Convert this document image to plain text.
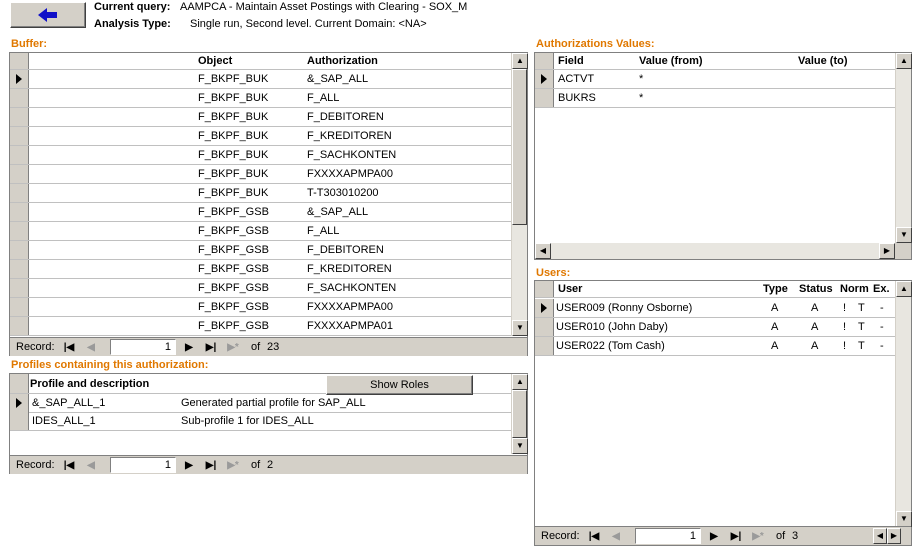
Current query: AAMPCA - Maintain Asset Postings with Clearing - SOX_M
Analysis Type: Single run, Second level. Current Domain: <NA>
Buffer:
Object	Authorization
F_BKPF_BUK	&_SAP_ALL
F_BKPF_BUK	F_ALL
F_BKPF_BUK	F_DEBITOREN
F_BKPF_BUK	F_KREDITOREN
F_BKPF_BUK	F_SACHKONTEN
F_BKPF_BUK	FXXXXAPMPA00
F_BKPF_BUK	T-T303010200
F_BKPF_GSB	&_SAP_ALL
F_BKPF_GSB	F_ALL
F_BKPF_GSB	F_DEBITOREN
F_BKPF_GSB	F_KREDITOREN
F_BKPF_GSB	F_SACHKONTEN
F_BKPF_GSB	FXXXXAPMPA00
F_BKPF_GSB	FXXXXAPMPA01
▲
▼
Record: |◀	◀	1	▶	▶|	▶*	of 23
Profiles containing this authorization:
Profile and description	Show Roles
&_SAP_ALL_1	Generated partial profile for SAP_ALL
IDES_ALL_1	Sub-profile 1 for IDES_ALL
▲
▼
Record: |◀	◀	1	▶	▶|	▶*	of 2
Authorizations Values:
Field	Value (from)	Value (to)
ACTVT	*
BUKRS	*
▲
▼
◀	▶
Users:
User	Type Status Norm Ex.
USER009 (Ronny Osborne)	A	A ! T -
USER010 (John Daby)	A	A ! T -
USER022 (Tom Cash)	A	A ! T -
▲
▼
Record: |◀	◀	1	▶	▶|	▶*	of 3	◀ ▶
